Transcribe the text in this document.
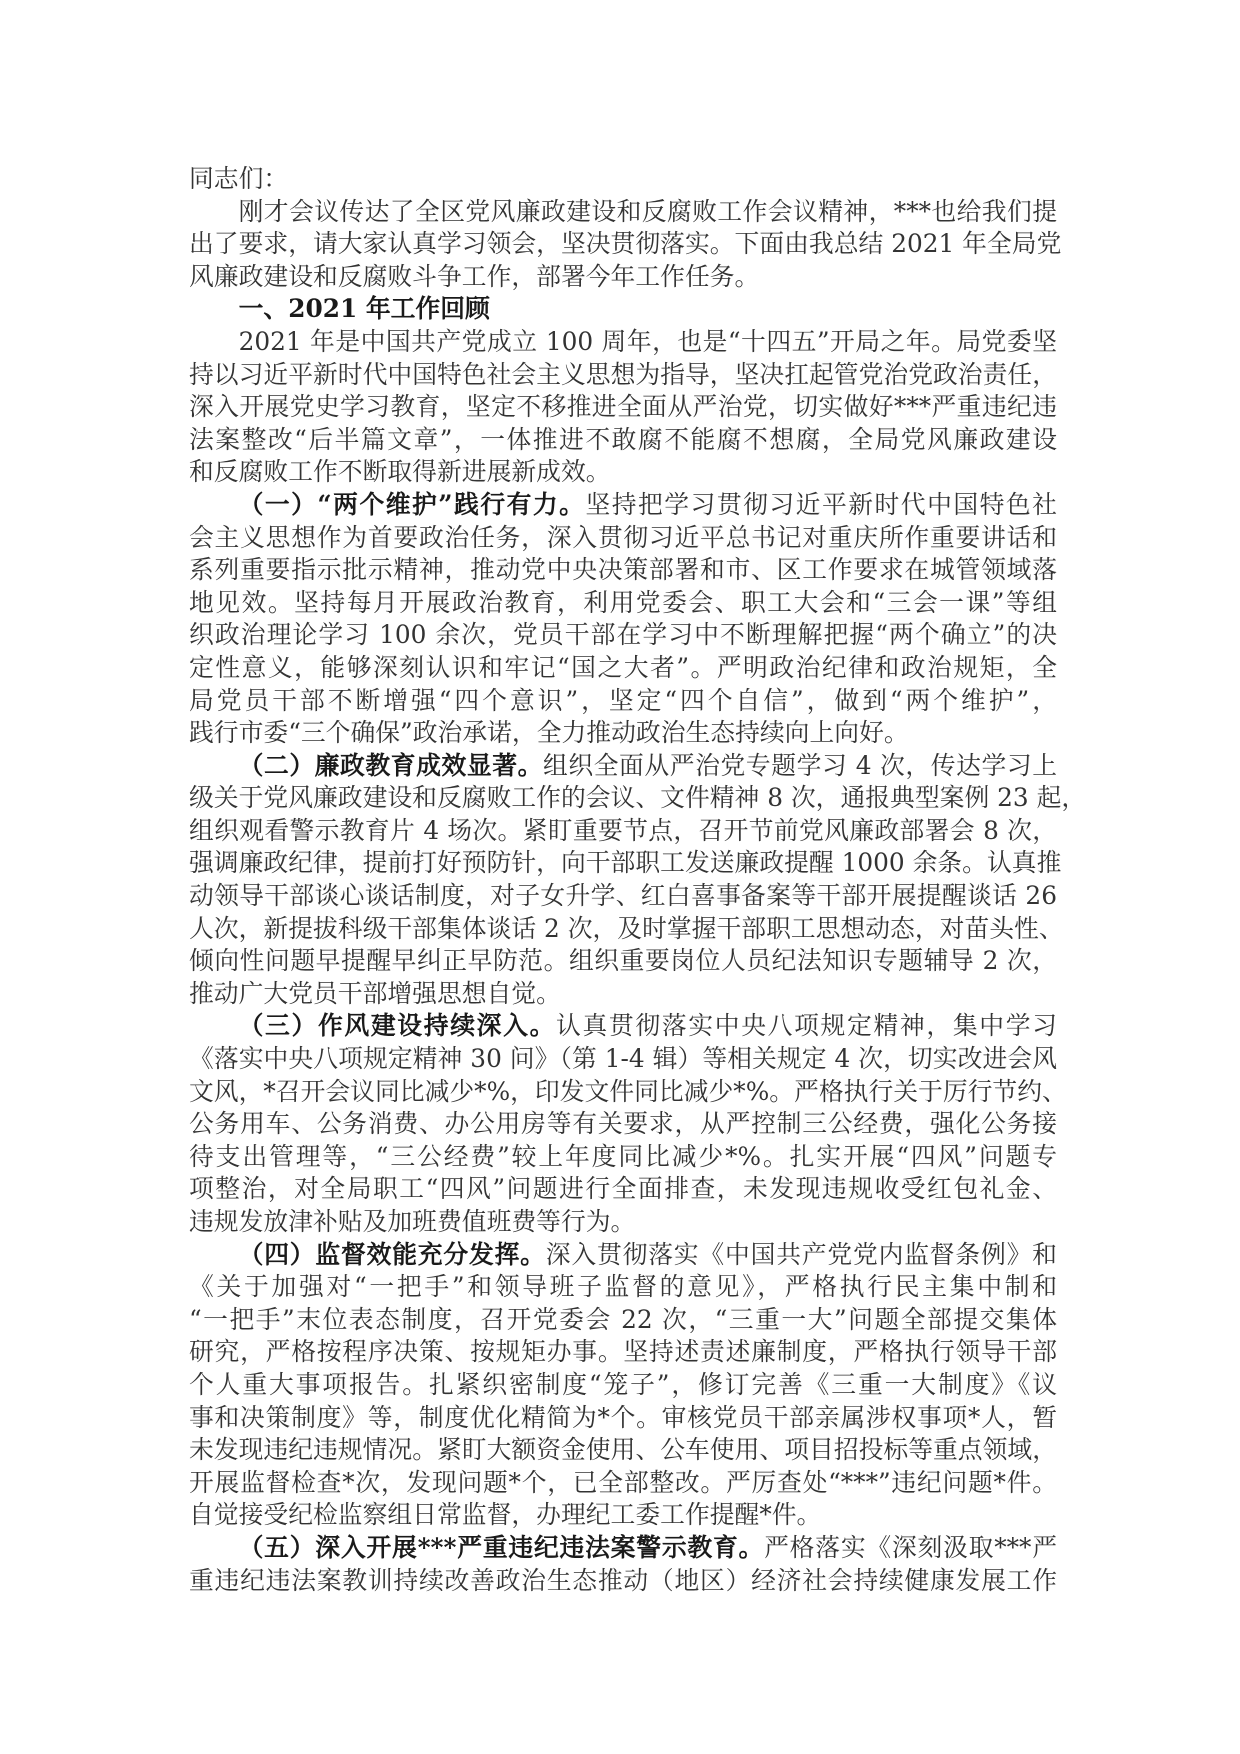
同志们：
刚才会议传达了全区党风廉政建设和反腐败工作会议精神，***也给我们提
出了要求，请大家认真学习领会，坚决贯彻落实。下面由我总结 2021 年全局党
风廉政建设和反腐败斗争工作，部署今年工作任务。
一、2021 年工作回顾
2021 年是中国共产党成立 100 周年，也是“十四五”开局之年。局党委坚
持以习近平新时代中国特色社会主义思想为指导，坚决扛起管党治党政治责任，
深入开展党史学习教育，坚定不移推进全面从严治党，切实做好***严重违纪违
法案整改“后半篇文章”，一体推进不敢腐不能腐不想腐，全局党风廉政建设
和反腐败工作不断取得新进展新成效。
（一）“两个维护”践行有力。坚持把学习贯彻习近平新时代中国特色社
会主义思想作为首要政治任务，深入贯彻习近平总书记对重庆所作重要讲话和
系列重要指示批示精神，推动党中央决策部署和市、区工作要求在城管领域落
地见效。坚持每月开展政治教育，利用党委会、职工大会和“三会一课”等组
织政治理论学习 100 余次，党员干部在学习中不断理解把握“两个确立”的决
定性意义，能够深刻认识和牢记“国之大者”。严明政治纪律和政治规矩，全
局党员干部不断增强“四个意识”，坚定“四个自信”，做到“两个维护”，
践行市委“三个确保”政治承诺，全力推动政治生态持续向上向好。
（二）廉政教育成效显著。组织全面从严治党专题学习 4 次，传达学习上
级关于党风廉政建设和反腐败工作的会议、文件精神 8 次，通报典型案例 23 起，
组织观看警示教育片 4 场次。紧盯重要节点，召开节前党风廉政部署会 8 次，
强调廉政纪律，提前打好预防针，向干部职工发送廉政提醒 1000 余条。认真推
动领导干部谈心谈话制度，对子女升学、红白喜事备案等干部开展提醒谈话 26
人次，新提拔科级干部集体谈话 2 次，及时掌握干部职工思想动态，对苗头性、
倾向性问题早提醒早纠正早防范。组织重要岗位人员纪法知识专题辅导 2 次，
推动广大党员干部增强思想自觉。
（三）作风建设持续深入。认真贯彻落实中央八项规定精神，集中学习
《落实中央八项规定精神 30 问》（第 1-4 辑）等相关规定 4 次，切实改进会风
文风，*召开会议同比减少*%，印发文件同比减少*%。严格执行关于厉行节约、
公务用车、公务消费、办公用房等有关要求，从严控制三公经费，强化公务接
待支出管理等，“三公经费”较上年度同比减少*%。扎实开展“四风”问题专
项整治，对全局职工“四风”问题进行全面排查，未发现违规收受红包礼金、
违规发放津补贴及加班费值班费等行为。
（四）监督效能充分发挥。深入贯彻落实《中国共产党党内监督条例》和
《关于加强对“一把手”和领导班子监督的意见》，严格执行民主集中制和
“一把手”末位表态制度，召开党委会 22 次，“三重一大”问题全部提交集体
研究，严格按程序决策、按规矩办事。坚持述责述廉制度，严格执行领导干部
个人重大事项报告。扎紧织密制度“笼子”，修订完善《三重一大制度》《议
事和决策制度》等，制度优化精简为*个。审核党员干部亲属涉权事项*人，暂
未发现违纪违规情况。紧盯大额资金使用、公车使用、项目招投标等重点领域，
开展监督检查*次，发现问题*个，已全部整改。严厉查处“***”违纪问题*件。
自觉接受纪检监察组日常监督，办理纪工委工作提醒*件。
（五）深入开展***严重违纪违法案警示教育。严格落实《深刻汲取***严
重违纪违法案教训持续改善政治生态推动（地区）经济社会持续健康发展工作
